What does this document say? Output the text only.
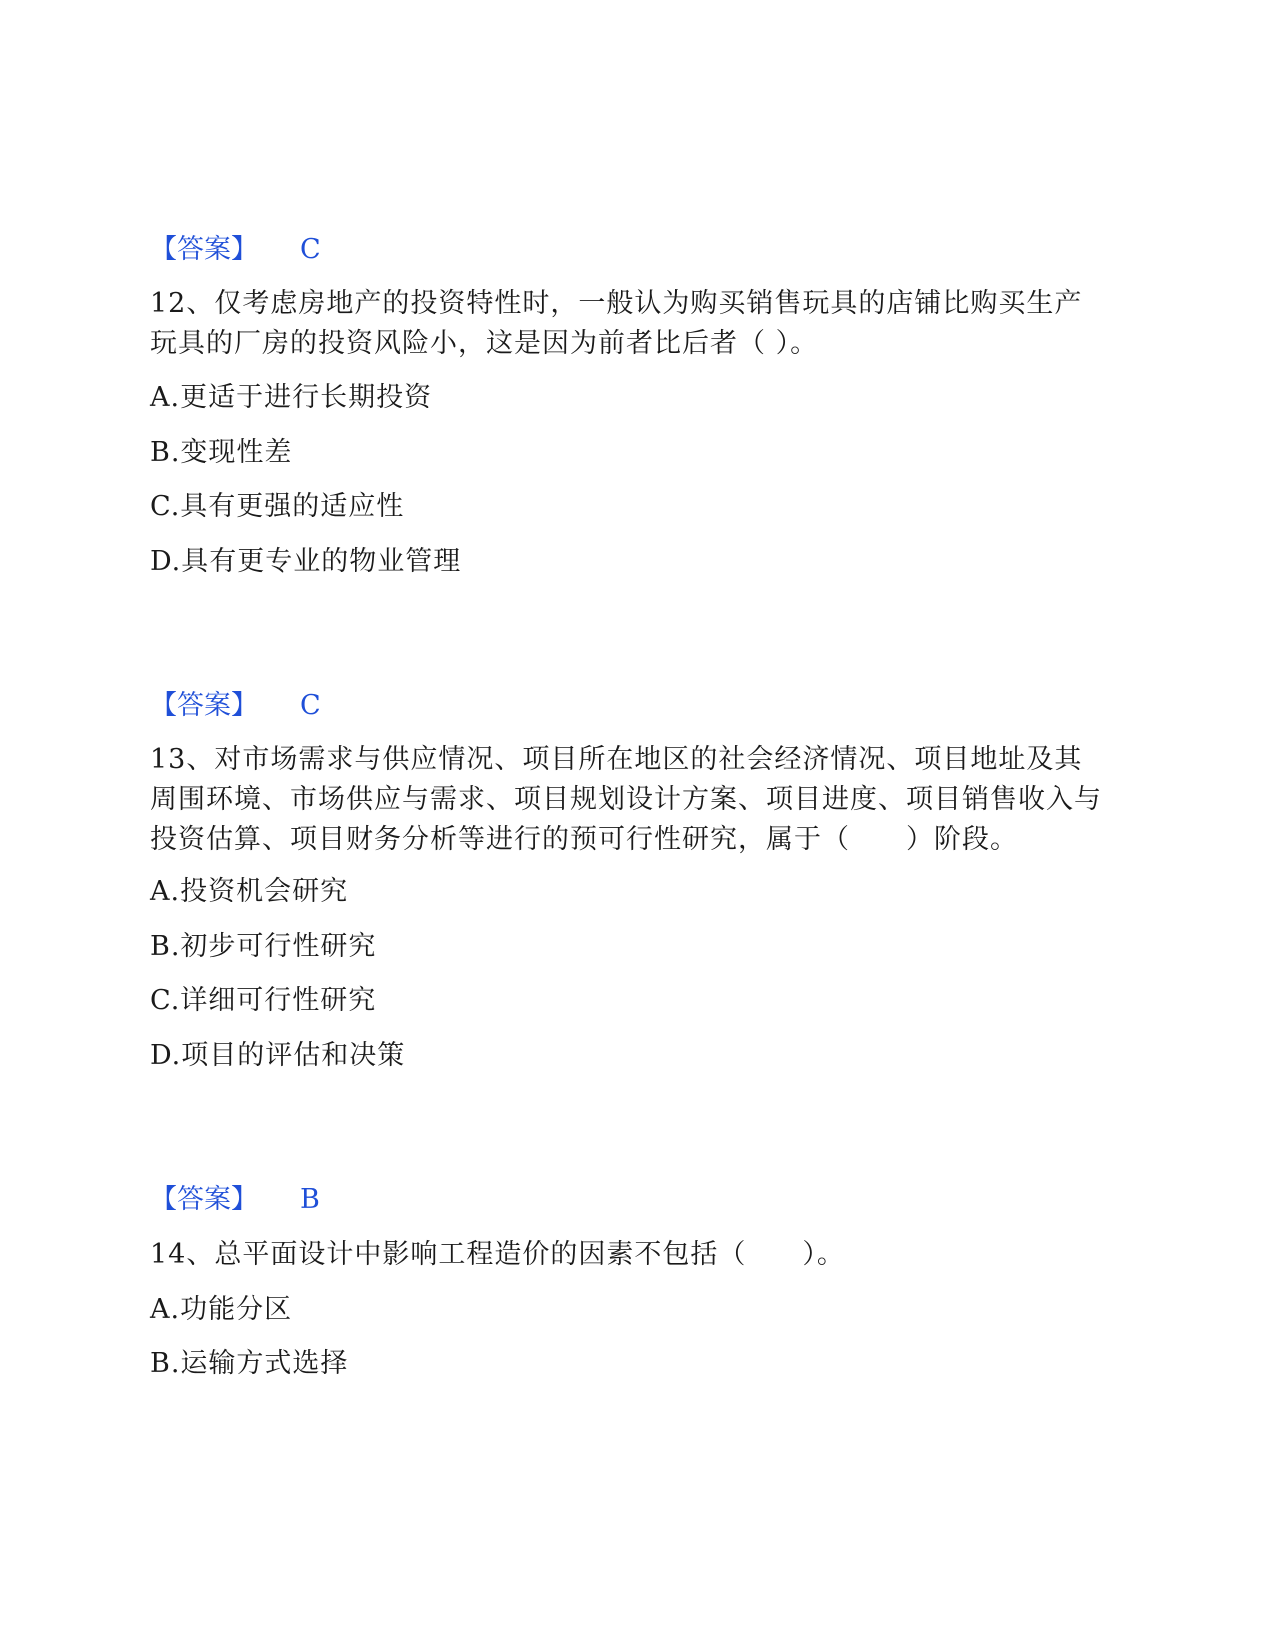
【答案】 C
12、仅考虑房地产的投资特性时，一般认为购买销售玩具的店铺比购买生产玩具的厂房的投资风险小，这是因为前者比后者（ ）。
A.更适于进行长期投资
B.变现性差
C.具有更强的适应性
D.具有更专业的物业管理
【答案】 C
13、对市场需求与供应情况、项目所在地区的社会经济情况、项目地址及其周围环境、市场供应与需求、项目规划设计方案、项目进度、项目销售收入与投资估算、项目财务分析等进行的预可行性研究，属于（　　）阶段。
A.投资机会研究
B.初步可行性研究
C.详细可行性研究
D.项目的评估和决策
【答案】 B
14、总平面设计中影响工程造价的因素不包括（　　）。
A.功能分区
B.运输方式选择
